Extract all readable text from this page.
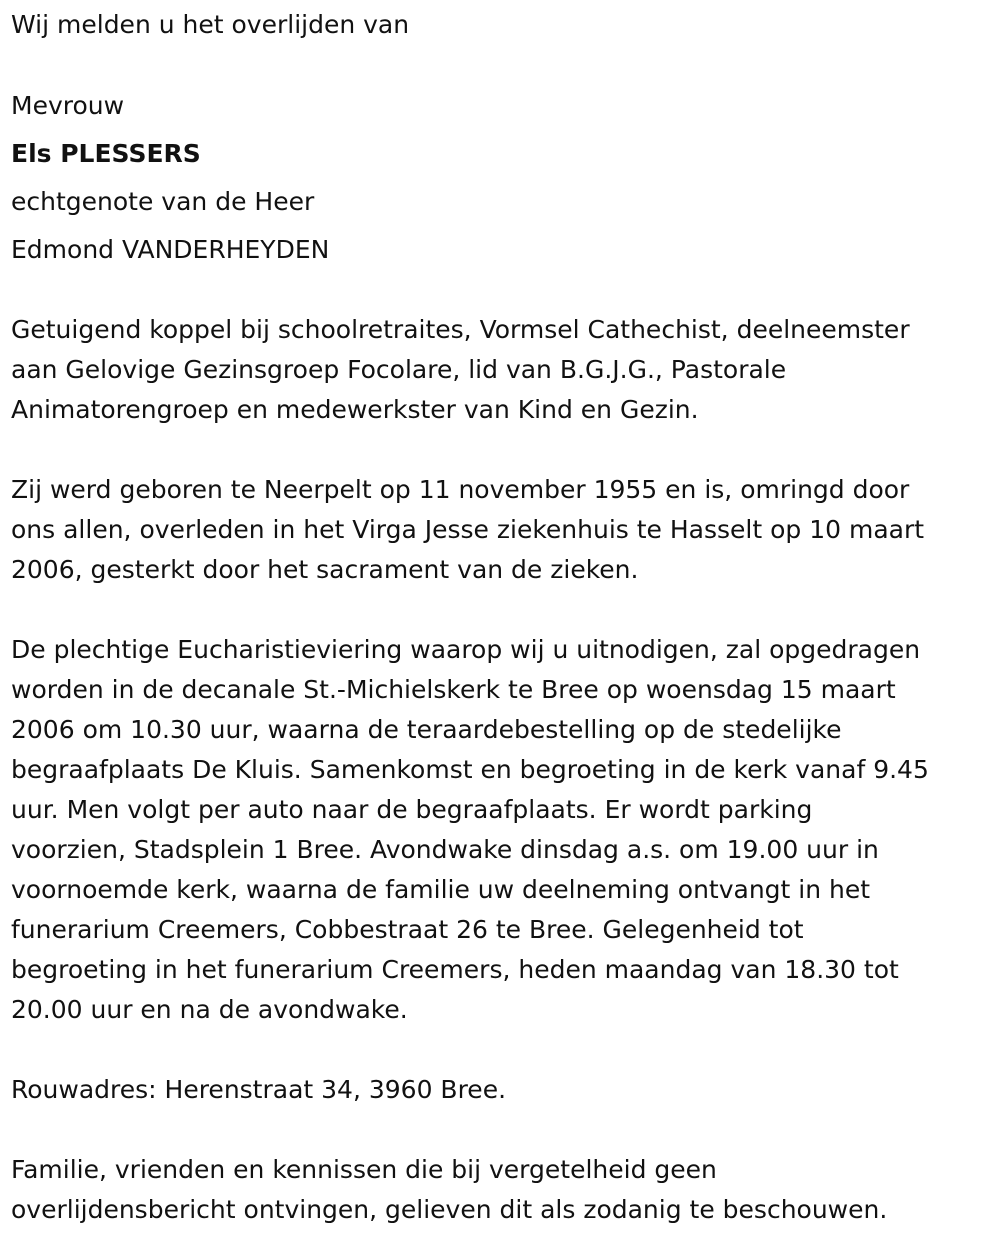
Wij melden u het overlijden van
Mevrouw
Els PLESSERS
echtgenote van de Heer
Edmond VANDERHEYDEN
Getuigend koppel bij schoolretraites, Vormsel Cathechist, deelneemster
aan Gelovige Gezinsgroep Focolare, lid van B.G.J.G., Pastorale
Animatorengroep en medewerkster van Kind en Gezin.
Zij werd geboren te Neerpelt op 11 november 1955 en is, omringd door
ons allen, overleden in het Virga Jesse ziekenhuis te Hasselt op 10 maart
2006, gesterkt door het sacrament van de zieken.
De plechtige Eucharistieviering waarop wij u uitnodigen, zal opgedragen
worden in de decanale St.-Michielskerk te Bree op woensdag 15 maart
2006 om 10.30 uur, waarna de teraardebestelling op de stedelijke
begraafplaats De Kluis. Samenkomst en begroeting in de kerk vanaf 9.45
uur. Men volgt per auto naar de begraafplaats. Er wordt parking
voorzien, Stadsplein 1 Bree. Avondwake dinsdag a.s. om 19.00 uur in
voornoemde kerk, waarna de familie uw deelneming ontvangt in het
funerarium Creemers, Cobbestraat 26 te Bree. Gelegenheid tot
begroeting in het funerarium Creemers, heden maandag van 18.30 tot
20.00 uur en na de avondwake.
Rouwadres: Herenstraat 34, 3960 Bree.
Familie, vrienden en kennissen die bij vergetelheid geen
overlijdensbericht ontvingen, gelieven dit als zodanig te beschouwen.
